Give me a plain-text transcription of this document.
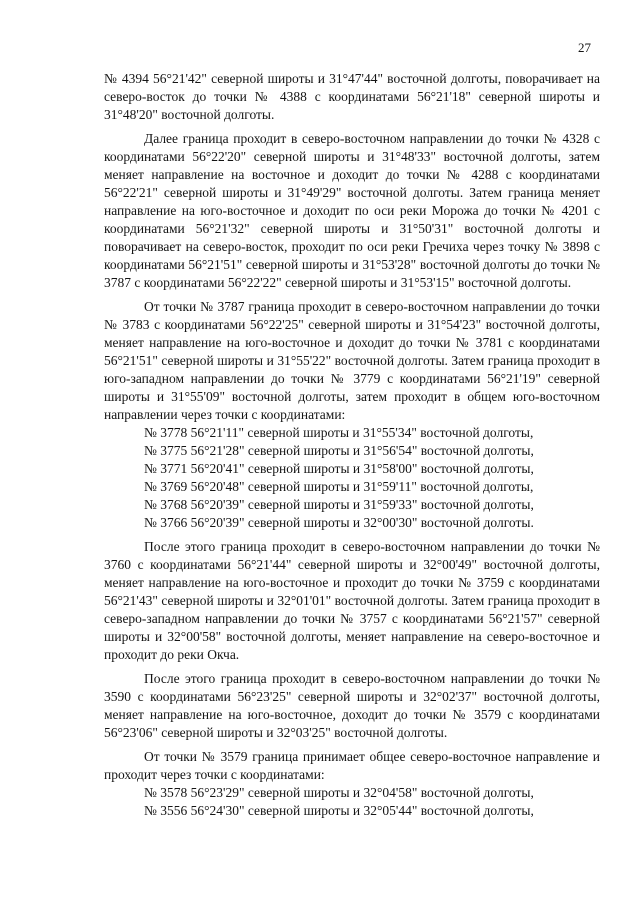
27

№ 4394 56°21'42" северной широты и 31°47'44" восточной долготы, поворачивает на северо-восток до точки № 4388 с координатами 56°21'18" северной широты и 31°48'20" восточной долготы.

Далее граница проходит в северо-восточном направлении до точки № 4328 с координатами 56°22'20" северной широты и 31°48'33" восточной долготы, затем меняет направление на восточное и доходит до точки № 4288 с координатами 56°22'21" северной широты и 31°49'29" восточной долготы. Затем граница меняет направление на юго-восточное и доходит по оси реки Морожа до точки № 4201 с координатами 56°21'32" северной широты и 31°50'31" восточной долготы и поворачивает на северо-восток, проходит по оси реки Гречиха через точку № 3898 с координатами 56°21'51" северной широты и 31°53'28" восточной долготы до точки № 3787 с координатами 56°22'22" северной широты и 31°53'15" восточной долготы.

От точки № 3787 граница проходит в северо-восточном направлении до точки № 3783 с координатами 56°22'25" северной широты и 31°54'23" восточной долготы, меняет направление на юго-восточное и доходит до точки № 3781 с координатами 56°21'51" северной широты и 31°55'22" восточной долготы. Затем граница проходит в юго-западном направлении до точки № 3779 с координатами 56°21'19" северной широты и 31°55'09" восточной долготы, затем проходит в общем юго-восточном направлении через точки с координатами:

№ 3778 56°21'11" северной широты и 31°55'34" восточной долготы,

№ 3775 56°21'28" северной широты и 31°56'54" восточной долготы,

№ 3771 56°20'41" северной широты и 31°58'00" восточной долготы,

№ 3769 56°20'48" северной широты и 31°59'11" восточной долготы,

№ 3768 56°20'39" северной широты и 31°59'33" восточной долготы,

№ 3766 56°20'39" северной широты и 32°00'30" восточной долготы.

После этого граница проходит в северо-восточном направлении до точки № 3760 с координатами 56°21'44" северной широты и 32°00'49" восточной долготы, меняет направление на юго-восточное и проходит до точки № 3759 с координатами 56°21'43" северной широты и 32°01'01" восточной долготы. Затем граница проходит в северо-западном направлении до точки № 3757 с координатами 56°21'57" северной широты и 32°00'58" восточной долготы, меняет направление на северо-восточное и проходит до реки Окча.

После этого граница проходит в северо-восточном направлении до точки № 3590 с координатами 56°23'25" северной широты и 32°02'37" восточной долготы, меняет направление на юго-восточное, доходит до точки № 3579 с координатами 56°23'06" северной широты и 32°03'25" восточной долготы.

От точки № 3579 граница принимает общее северо-восточное направление и проходит через точки с координатами:

№ 3578 56°23'29" северной широты и 32°04'58" восточной долготы,

№ 3556 56°24'30" северной широты и 32°05'44" восточной долготы,
